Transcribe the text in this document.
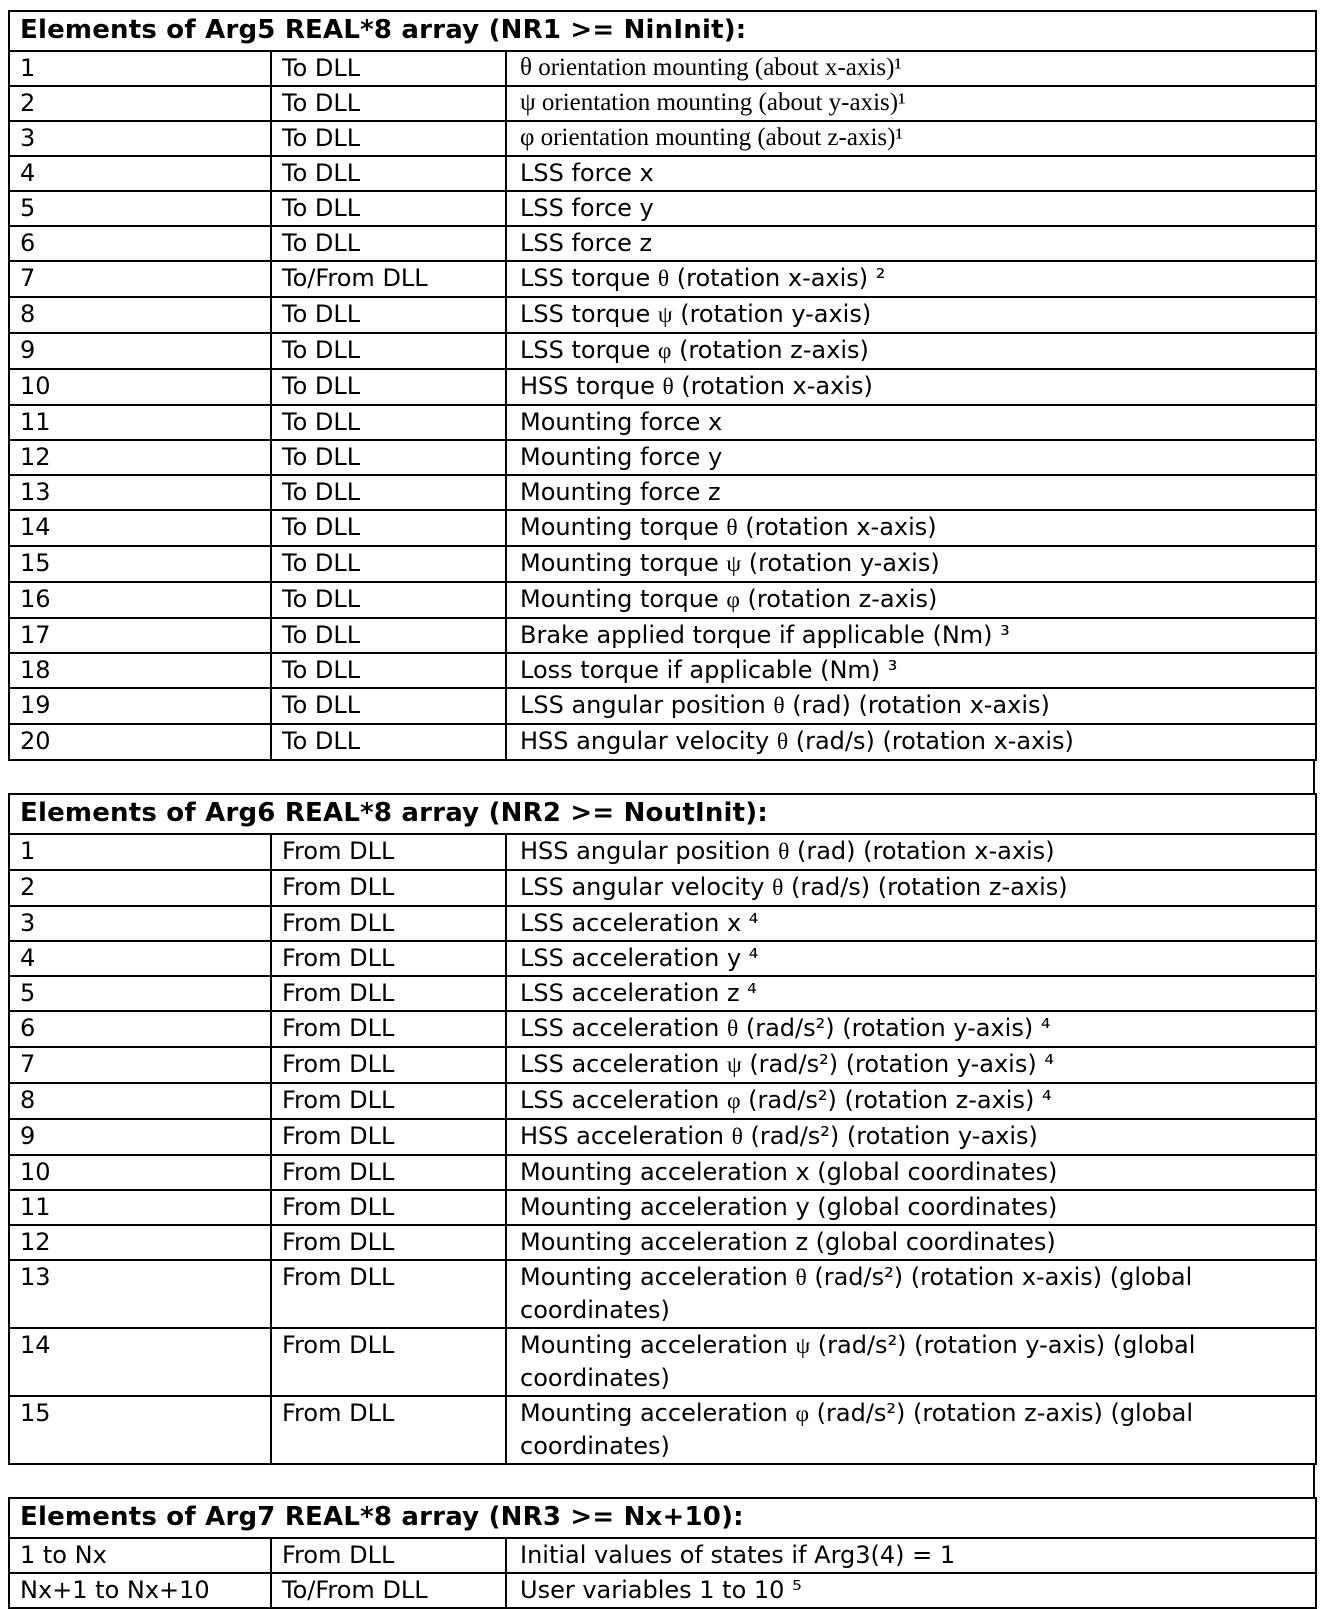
Elements of Arg5 REAL*8 array (NR1 >= NinInit):		
1	To DLL	θ orientation mounting (about x-axis)¹
2	To DLL	ψ orientation mounting (about y-axis)¹
3	To DLL	φ orientation mounting (about z-axis)¹
4	To DLL	LSS force x
5	To DLL	LSS force y
6	To DLL	LSS force z
7	To/From DLL	LSS torque θ (rotation x-axis) ²
8	To DLL	LSS torque ψ (rotation y-axis)
9	To DLL	LSS torque φ (rotation z-axis)
10	To DLL	HSS torque θ (rotation x-axis)
11	To DLL	Mounting force x
12	To DLL	Mounting force y
13	To DLL	Mounting force z
14	To DLL	Mounting torque θ (rotation x-axis)
15	To DLL	Mounting torque ψ (rotation y-axis)
16	To DLL	Mounting torque φ (rotation z-axis)
17	To DLL	Brake applied torque if applicable (Nm) ³
18	To DLL	Loss torque if applicable (Nm) ³
19	To DLL	LSS angular position θ (rad) (rotation x-axis)
20	To DLL	HSS angular velocity θ (rad/s) (rotation x-axis)
Elements of Arg6 REAL*8 array (NR2 >= NoutInit):		
1	From DLL	HSS angular position θ (rad) (rotation x-axis)
2	From DLL	LSS angular velocity θ (rad/s) (rotation z-axis)
3	From DLL	LSS acceleration x ⁴
4	From DLL	LSS acceleration y ⁴
5	From DLL	LSS acceleration z ⁴
6	From DLL	LSS acceleration θ (rad/s²) (rotation y-axis) ⁴
7	From DLL	LSS acceleration ψ (rad/s²) (rotation y-axis) ⁴
8	From DLL	LSS acceleration φ (rad/s²) (rotation z-axis) ⁴
9	From DLL	HSS acceleration θ (rad/s²) (rotation y-axis)
10	From DLL	Mounting acceleration x (global coordinates)
11	From DLL	Mounting acceleration y (global coordinates)
12	From DLL	Mounting acceleration z (global coordinates)
13	From DLL	Mounting acceleration θ (rad/s²) (rotation x-axis) (global coordinates)
14	From DLL	Mounting acceleration ψ (rad/s²) (rotation y-axis) (global coordinates)
15	From DLL	Mounting acceleration φ (rad/s²) (rotation z-axis) (global coordinates)
Elements of Arg7 REAL*8 array (NR3 >= Nx+10):		
1 to Nx	From DLL	Initial values of states if Arg3(4) = 1
Nx+1 to Nx+10	To/From DLL	User variables 1 to 10 ⁵
